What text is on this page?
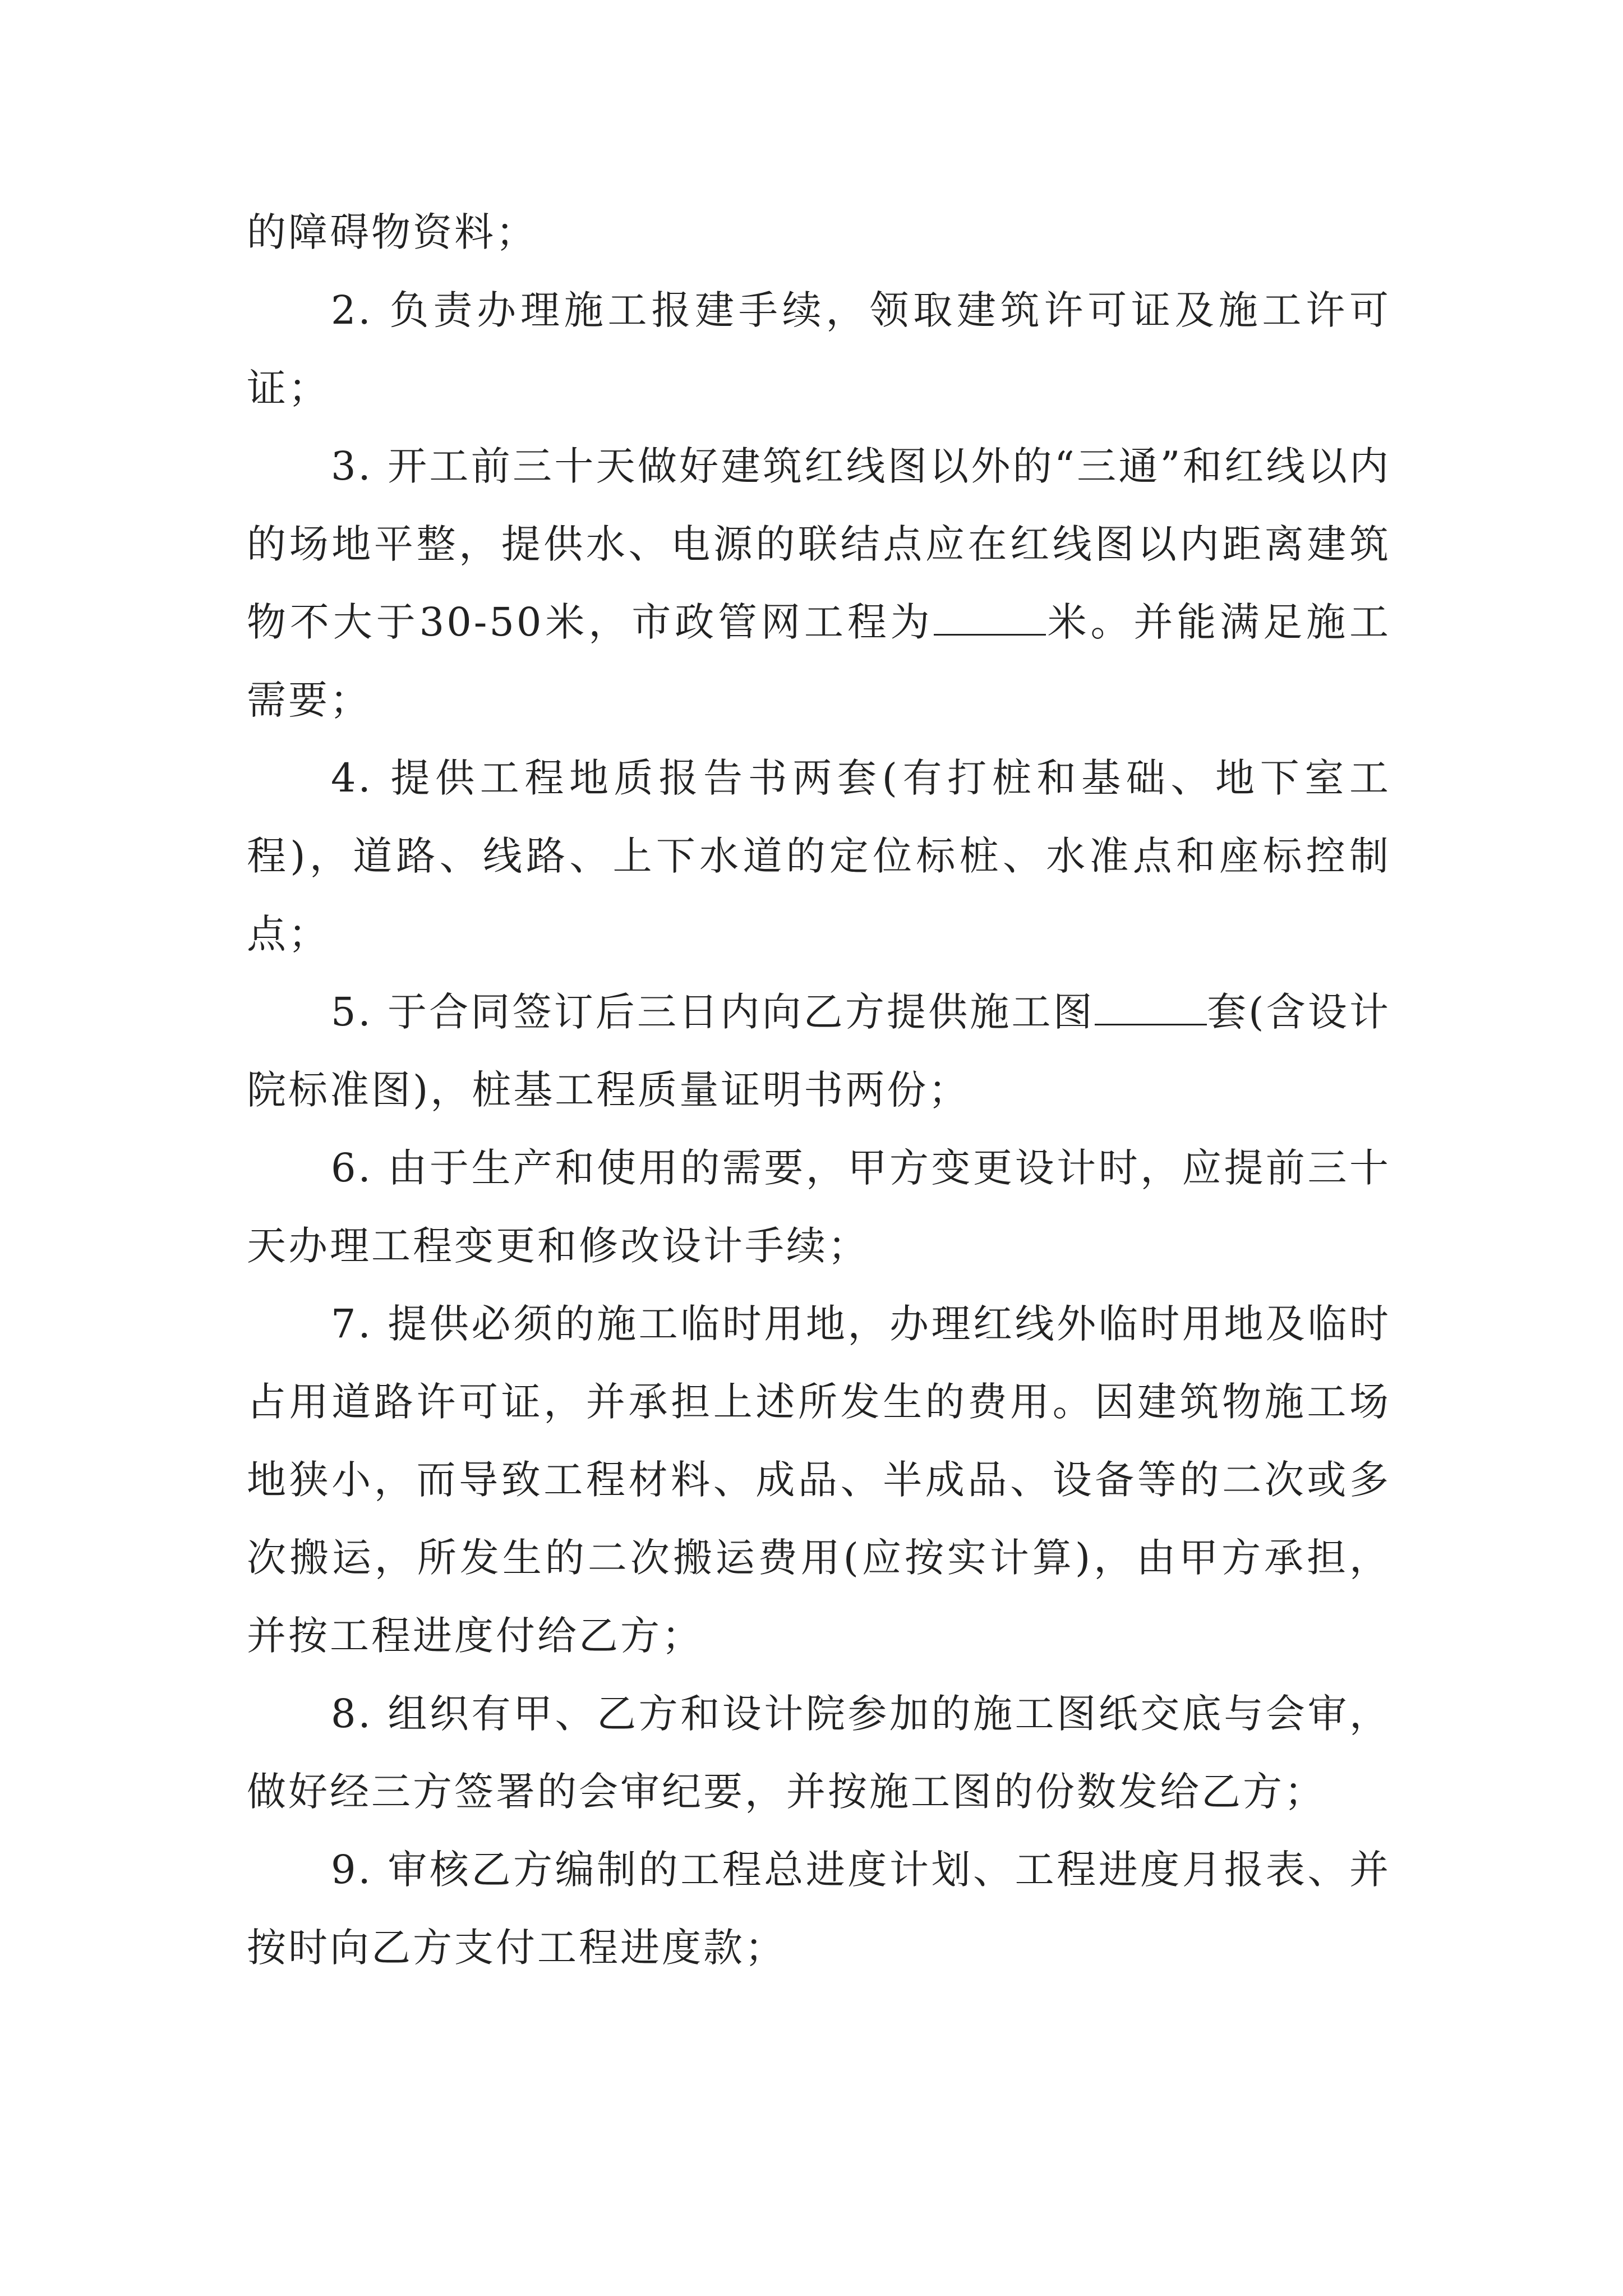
的障碍物资料；

2. 负责办理施工报建手续，领取建筑许可证及施工许可证；

3. 开工前三十天做好建筑红线图以外的“三通”和红线以内的场地平整，提供水、电源的联结点应在红线图以内距离建筑物不大于30-50米，市政管网工程为	米。并能满足施工需要；

4. 提供工程地质报告书两套(有打桩和基础、地下室工程)，道路、线路、上下水道的定位标桩、水准点和座标控制点；

5. 于合同签订后三日内向乙方提供施工图	套(含设计院标准图)，桩基工程质量证明书两份；

6. 由于生产和使用的需要，甲方变更设计时，应提前三十天办理工程变更和修改设计手续；

7. 提供必须的施工临时用地，办理红线外临时用地及临时占用道路许可证，并承担上述所发生的费用。因建筑物施工场地狭小，而导致工程材料、成品、半成品、设备等的二次或多次搬运，所发生的二次搬运费用(应按实计算)，由甲方承担，并按工程进度付给乙方；

8. 组织有甲、乙方和设计院参加的施工图纸交底与会审，做好经三方签署的会审纪要，并按施工图的份数发给乙方；

9. 审核乙方编制的工程总进度计划、工程进度月报表、并按时向乙方支付工程进度款；
